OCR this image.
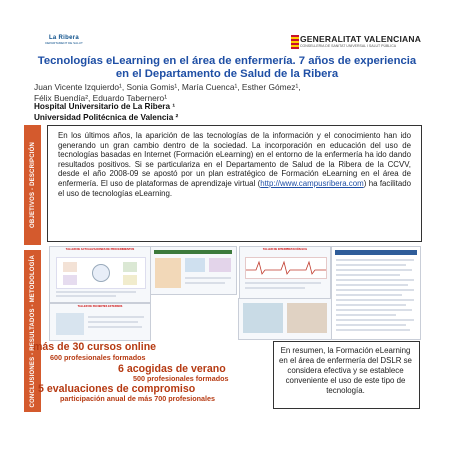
La Ribera
DEPARTAMENT DE SALUT	GENERALITAT VALENCIANA
CONSELLERIA DE SANITAT UNIVERSAL I SALUT PÚBLICA
Tecnologías eLearning en el área de enfermería. 7 años de experiencia en el Departamento de Salud de la Ribera
Juan Vicente Izquierdo¹, Sonia Gomis¹, María Cuenca¹, Esther Gómez¹,
Félix Buendía², Eduardo Tabernero¹
Hospital Universitario de La Ribera ¹
Universidad Politécnica de Valencia ²
OBJETIVOS - DESCRIPCIÓN
CONCLUSIONES - RESULTADOS - METODOLOGÍA
En los últimos años, la aparición de las tecnologías de la información y el conocimiento han ido generando un gran cambio dentro de la sociedad. La incorporación en educación del uso de tecnologías basadas en Internet (Formación eLearning) en el entorno de la enfermería ha ido dando resultados positivos. Si se particulariza en el Departamento de Salud de la Ribera de la CCVV, desde el año 2008-09 se apostó por un plan estratégico de Formación eLearning en el área de enfermería. El uso de plataformas de aprendizaje virtual (http://www.campusribera.com) ha facilitado el uso de tecnologías eLearning.
TALLER DE ACTUALIZACIONES DE PROCEDIMIENTOS	TALLER DE INTERPRETACIÓN ECG
TALLER DE PACIENTES EXTERNOS
más de 30 cursos online
600 profesionales formados
6 acogidas de verano
500 profesionales formados
5 evaluaciones de compromiso
participación anual de más 700 profesionales
En resumen, la Formación eLearning en el área de enfermería del DSLR se considera efectiva y se establece conveniente el uso de este tipo de tecnología.
